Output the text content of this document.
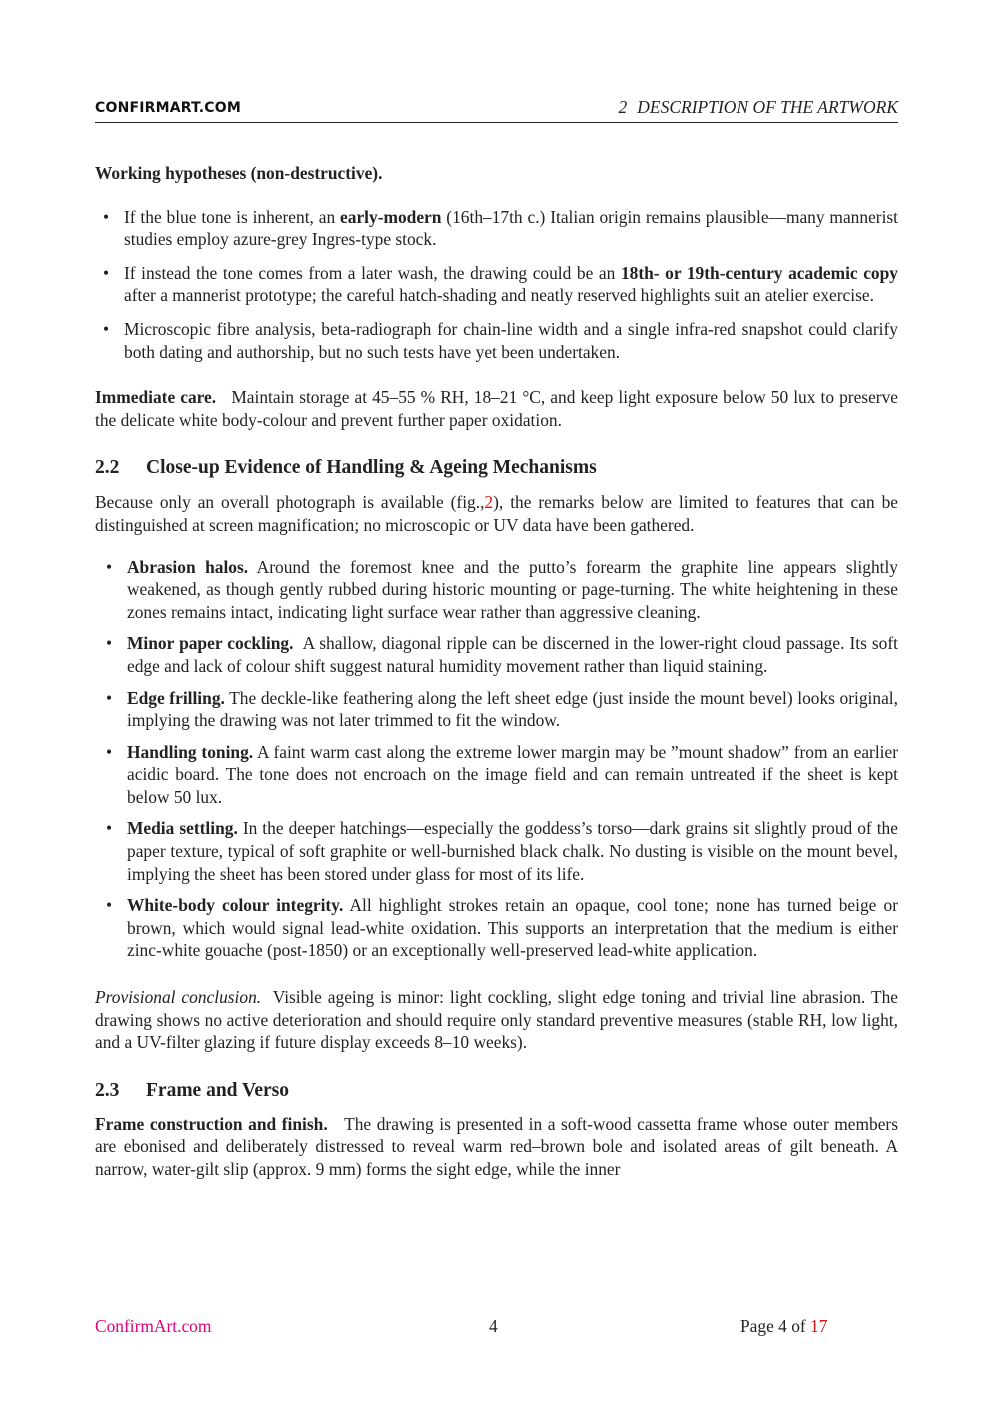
CONFIRMART.COM	2 DESCRIPTION OF THE ARTWORK

Working hypotheses (non-destructive).

• If the blue tone is inherent, an early-modern (16th–17th c.) Italian origin remains plausible—many mannerist studies employ azure-grey Ingres-type stock.
• If instead the tone comes from a later wash, the drawing could be an 18th- or 19th-century academic copy after a mannerist prototype; the careful hatch-shading and neatly reserved highlights suit an atelier exercise.
• Microscopic fibre analysis, beta-radiograph for chain-line width and a single infra-red snapshot could clarify both dating and authorship, but no such tests have yet been undertaken.

Immediate care. Maintain storage at 45–55 % RH, 18–21 °C, and keep light exposure below 50 lux to preserve the delicate white body-colour and prevent further paper oxidation.

2.2 Close-up Evidence of Handling & Ageing Mechanisms

Because only an overall photograph is available (fig.,2), the remarks below are limited to features that can be distinguished at screen magnification; no microscopic or UV data have been gathered.

• Abrasion halos. Around the foremost knee and the putto’s forearm the graphite line appears slightly weakened, as though gently rubbed during historic mounting or page-turning. The white heightening in these zones remains intact, indicating light surface wear rather than aggressive cleaning.
• Minor paper cockling. A shallow, diagonal ripple can be discerned in the lower-right cloud passage. Its soft edge and lack of colour shift suggest natural humidity movement rather than liquid staining.
• Edge frilling. The deckle-like feathering along the left sheet edge (just inside the mount bevel) looks original, implying the drawing was not later trimmed to fit the window.
• Handling toning. A faint warm cast along the extreme lower margin may be ”mount shadow” from an earlier acidic board. The tone does not encroach on the image field and can remain untreated if the sheet is kept below 50 lux.
• Media settling. In the deeper hatchings—especially the goddess’s torso—dark grains sit slightly proud of the paper texture, typical of soft graphite or well-burnished black chalk. No dusting is visible on the mount bevel, implying the sheet has been stored under glass for most of its life.
• White-body colour integrity. All highlight strokes retain an opaque, cool tone; none has turned beige or brown, which would signal lead-white oxidation. This supports an interpretation that the medium is either zinc-white gouache (post-1850) or an exceptionally well-preserved lead-white application.

Provisional conclusion. Visible ageing is minor: light cockling, slight edge toning and trivial line abrasion. The drawing shows no active deterioration and should require only standard preventive measures (stable RH, low light, and a UV-filter glazing if future display exceeds 8–10 weeks).

2.3 Frame and Verso

Frame construction and finish. The drawing is presented in a soft-wood cassetta frame whose outer members are ebonised and deliberately distressed to reveal warm red–brown bole and isolated areas of gilt beneath. A narrow, water-gilt slip (approx. 9 mm) forms the sight edge, while the inner

ConfirmArt.com	4	Page 4 of 17
